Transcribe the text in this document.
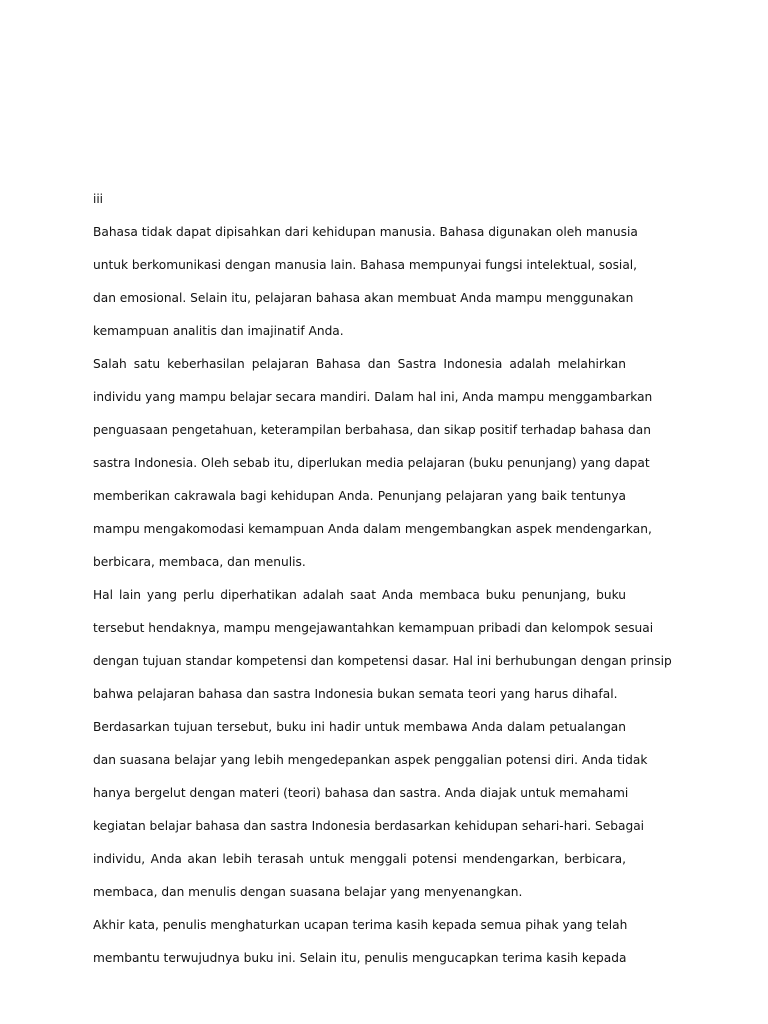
iii
Bahasa tidak dapat dipisahkan dari kehidupan manusia. Bahasa digunakan oleh manusia
untuk berkomunikasi dengan manusia lain. Bahasa mempunyai fungsi intelektual, sosial,
dan emosional. Selain itu, pelajaran bahasa akan membuat Anda mampu menggunakan
kemampuan analitis dan imajinatif Anda.
Salah satu keberhasilan pelajaran Bahasa dan Sastra Indonesia adalah melahirkan
individu yang mampu belajar secara mandiri. Dalam hal ini, Anda mampu menggambarkan
penguasaan pengetahuan, keterampilan berbahasa, dan sikap positif terhadap bahasa dan
sastra Indonesia. Oleh sebab itu, diperlukan media pelajaran (buku penunjang) yang dapat
memberikan cakrawala bagi kehidupan Anda. Penunjang pelajaran yang baik tentunya
mampu mengakomodasi kemampuan Anda dalam mengembangkan aspek mendengarkan,
berbicara, membaca, dan menulis.
Hal lain yang perlu diperhatikan adalah saat Anda membaca buku penunjang, buku
tersebut hendaknya, mampu mengejawantahkan kemampuan pribadi dan kelompok sesuai
dengan tujuan standar kompetensi dan kompetensi dasar. Hal ini berhubungan dengan prinsip
bahwa pelajaran bahasa dan sastra Indonesia bukan semata teori yang harus dihafal.
Berdasarkan tujuan tersebut, buku ini hadir untuk membawa Anda dalam petualangan
dan suasana belajar yang lebih mengedepankan aspek penggalian potensi diri. Anda tidak
hanya bergelut dengan materi (teori) bahasa dan sastra. Anda diajak untuk memahami
kegiatan belajar bahasa dan sastra Indonesia berdasarkan kehidupan sehari-hari. Sebagai
individu, Anda akan lebih terasah untuk menggali potensi mendengarkan, berbicara,
membaca, dan menulis dengan suasana belajar yang menyenangkan.
Akhir kata, penulis menghaturkan ucapan terima kasih kepada semua pihak yang telah
membantu terwujudnya buku ini. Selain itu, penulis mengucapkan terima kasih kepada
